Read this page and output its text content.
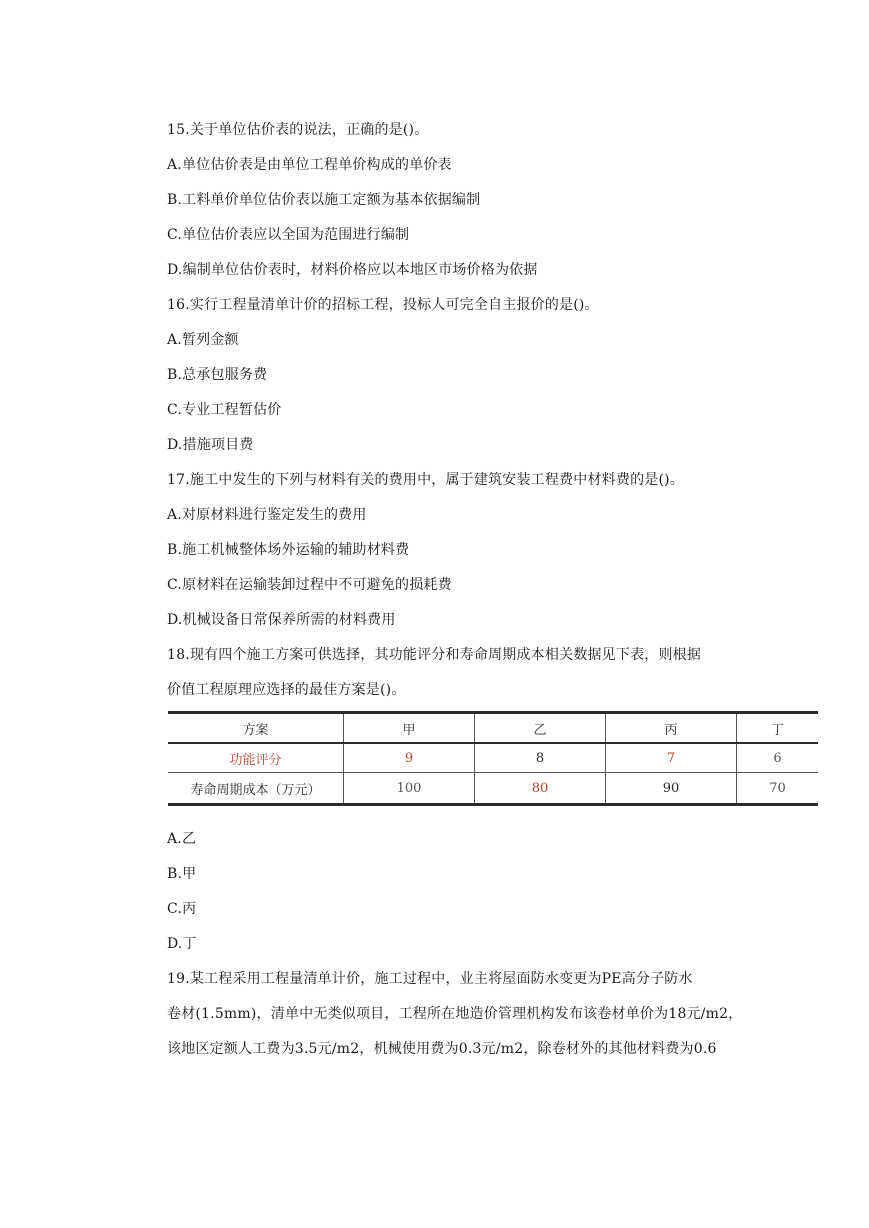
15.关于单位估价表的说法，正确的是()。
A.单位估价表是由单位工程单价构成的单价表
B.工料单价单位估价表以施工定额为基本依据编制
C.单位估价表应以全国为范围进行编制
D.编制单位估价表时，材料价格应以本地区市场价格为依据
16.实行工程量清单计价的招标工程，投标人可完全自主报价的是()。
A.暂列金额
B.总承包服务费
C.专业工程暂估价
D.措施项目费
17.施工中发生的下列与材料有关的费用中，属于建筑安装工程费中材料费的是()。
A.对原材料进行鉴定发生的费用
B.施工机械整体场外运输的辅助材料费
C.原材料在运输装卸过程中不可避免的损耗费
D.机械设备日常保养所需的材料费用
18.现有四个施工方案可供选择，其功能评分和寿命周期成本相关数据见下表，则根据
价值工程原理应选择的最佳方案是()。
方案	甲	乙	丙	丁
功能评分	9	8	7	6
寿命周期成本（万元）	100	80	90	70
A.乙
B.甲
C.丙
D.丁
19.某工程采用工程量清单计价，施工过程中，业主将屋面防水变更为PE高分子防水
卷材(1.5mm)，清单中无类似项目，工程所在地造价管理机构发布该卷材单价为18元/m2，
该地区定额人工费为3.5元/m2，机械使用费为0.3元/m2，除卷材外的其他材料费为0.6
